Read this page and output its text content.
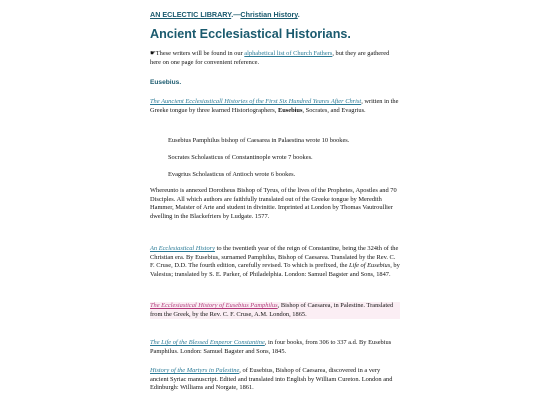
AN ECLECTIC LIBRARY.—Christian History.
Ancient Ecclesiastical Historians.

☛These writers will be found in our alphabetical list of Church Fathers, but they are gathered here on one page for convenient reference.

Eusebius.

The Auncient Ecclesiasticall Histories of the First Six Hundred Yeares After Christ, written in the Greeke tongue by three learned Historiographers, Eusebius, Socrates, and Evagrius.

Eusebius Pamphilus bishop of Caesarea in Palaestina wrote 10 bookes.

Socrates Scholasticus of Constantinople wrote 7 bookes.

Evagrius Scholasticus of Antioch wrote 6 bookes.

Whereunto is annexed Dorotheus Bishop of Tyrus, of the lives of the Prophetes, Apostles and 70 Disciples. All which authors are faithfully translated out of the Greeke tongue by Meredith Hammer, Maister of Arte and student in divinitie. Imprinted at London by Thomas Vautroullier dwelling in the Blackefriers by Ludgate. 1577.

An Ecclesiastical History to the twentieth year of the reign of Constantine, being the 324th of the Christian era. By Eusebius, surnamed Pamphilus, Bishop of Caesarea. Translated by the Rev. C. F. Cruse, D.D. The fourth edition, carefully revised. To which is prefixed, the Life of Eusebius, by Valesius; translated by S. E. Parker, of Philadelphia. London: Samuel Bagster and Sons, 1847.

The Ecclesiastical History of Eusebius Pamphilus, Bishop of Caesarea, in Palestine. Translated from the Greek, by the Rev. C. F. Cruse, A.M. London, 1865.

The Life of the Blessed Emperor Constantine, in four books, from 306 to 337 a.d. By Eusebius Pamphilus. London: Samuel Bagster and Sons, 1845.

History of the Martyrs in Palestine, of Eusebius, Bishop of Caesarea, discovered in a very ancient Syriac manuscript. Edited and translated into English by William Cureton. London and Edinburgh: Williams and Norgate, 1861.
